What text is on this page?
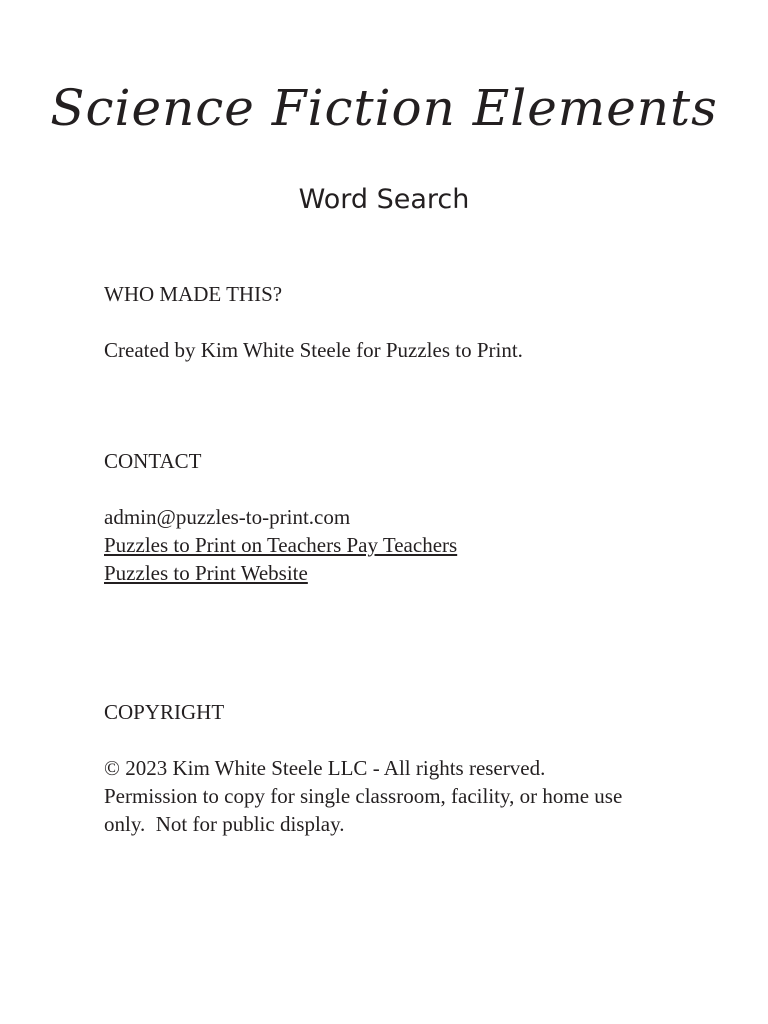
Science Fiction Elements
Word Search

WHO MADE THIS?

Created by Kim White Steele for Puzzles to Print.

CONTACT

admin@puzzles-to-print.com
Puzzles to Print on Teachers Pay Teachers
Puzzles to Print Website

COPYRIGHT

© 2023 Kim White Steele LLC - All rights reserved.
Permission to copy for single classroom, facility, or home use
only.  Not for public display.
